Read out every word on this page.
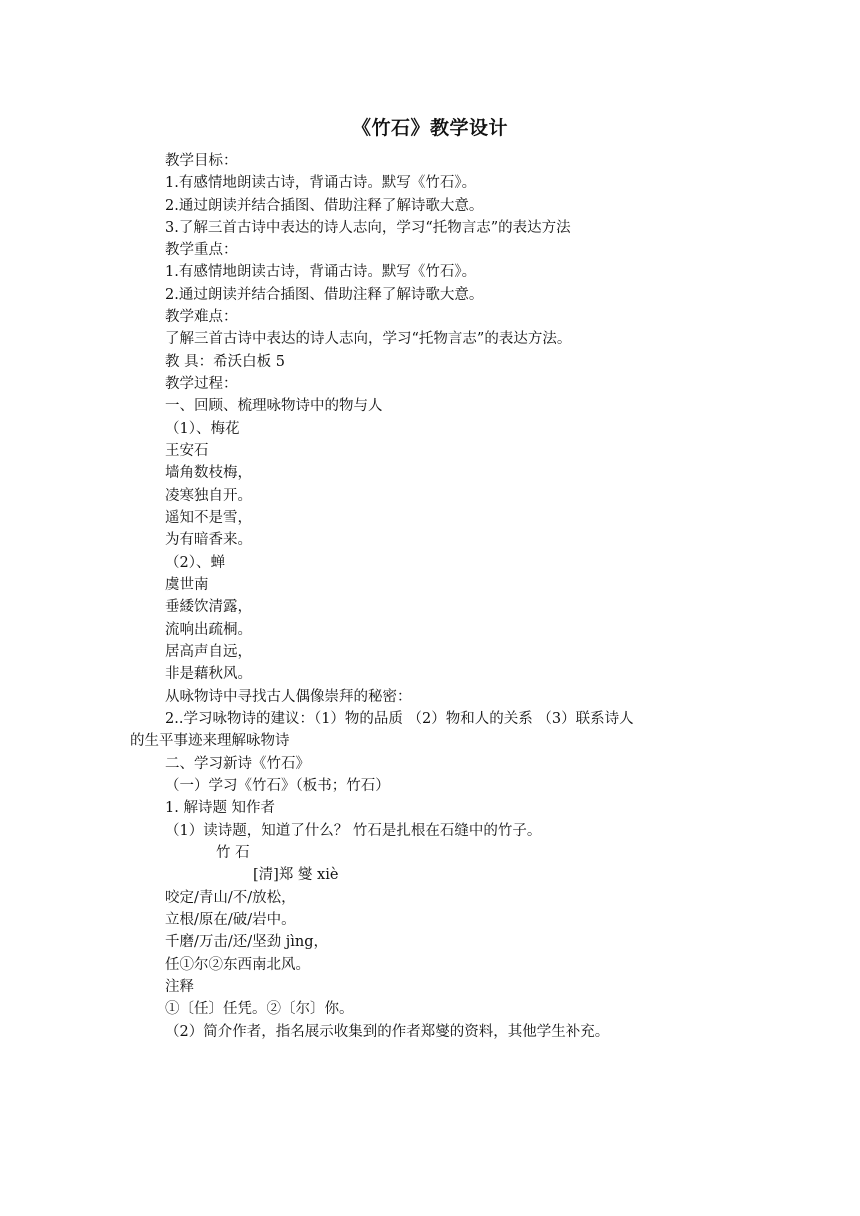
《竹石》教学设计
教学目标：
1.有感情地朗读古诗，背诵古诗。默写《竹石》。
2.通过朗读并结合插图、借助注释了解诗歌大意。
3.了解三首古诗中表达的诗人志向，学习“托物言志”的表达方法
教学重点：
1.有感情地朗读古诗，背诵古诗。默写《竹石》。
2.通过朗读并结合插图、借助注释了解诗歌大意。
教学难点：
了解三首古诗中表达的诗人志向，学习“托物言志”的表达方法。
教 具：希沃白板 5
教学过程：
一、回顾、梳理咏物诗中的物与人
（1）、梅花
王安石
墙角数枝梅，
凌寒独自开。
遥知不是雪，
为有暗香来。
（2）、蝉
虞世南
垂緌饮清露，
流响出疏桐。
居高声自远，
非是藉秋风。
从咏物诗中寻找古人偶像崇拜的秘密：
2..学习咏物诗的建议：（1）物的品质 （2）物和人的关系 （3）联系诗人
的生平事迹来理解咏物诗
二、学习新诗《竹石》
（一）学习《竹石》（板书；竹石）
1. 解诗题 知作者
（1）读诗题，知道了什么？ 竹石是扎根在石缝中的竹子。
竹 石
[清]郑 燮 xiè
咬定/青山/不/放松，
立根/原在/破/岩中。
千磨/万击/还/坚劲 jìng，
任①尔②东西南北风。
注释
①〔任〕任凭。②〔尔〕你。
（2）简介作者，指名展示收集到的作者郑燮的资料，其他学生补充。
